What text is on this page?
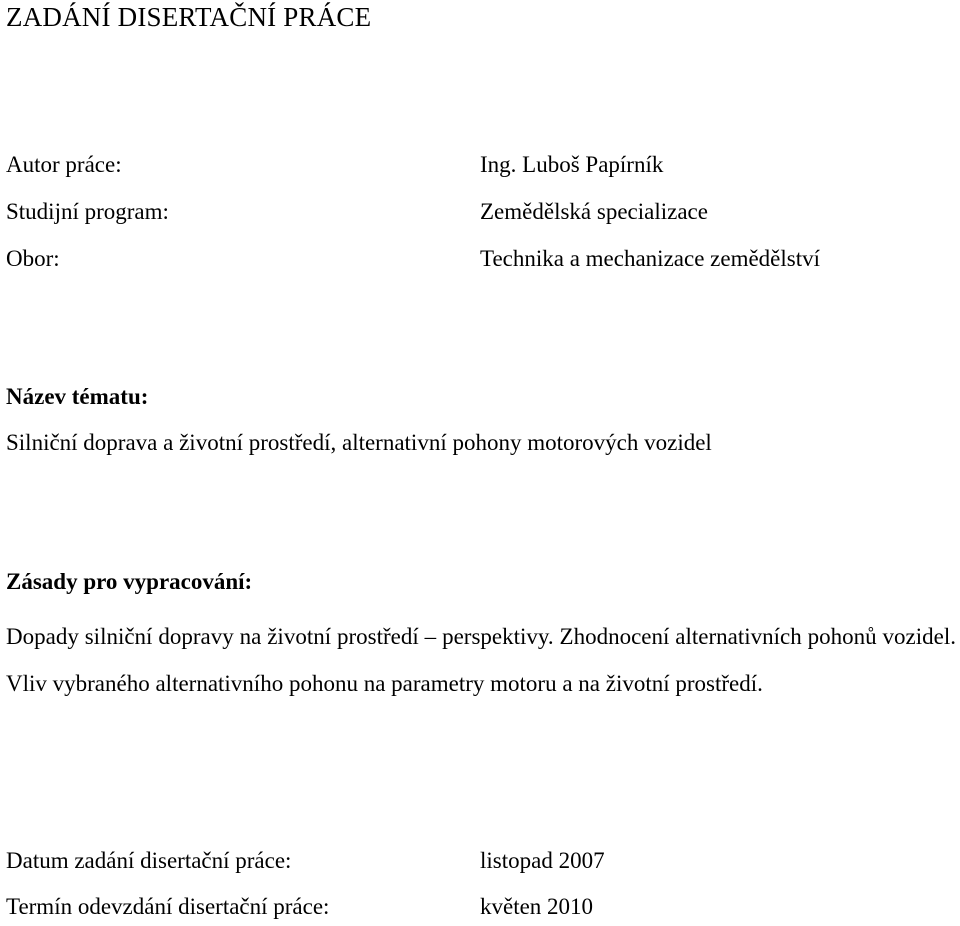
ZADÁNÍ DISERTAČNÍ PRÁCE
Autor práce:	Ing. Luboš Papírník
Studijní program:	Zemědělská specializace
Obor:	Technika a mechanizace zemědělství
Název tématu:
Silniční doprava a životní prostředí, alternativní pohony motorových vozidel
Zásady pro vypracování:
Dopady silniční dopravy na životní prostředí – perspektivy. Zhodnocení alternativních pohonů vozidel. Vliv vybraného alternativního pohonu na parametry motoru a na životní prostředí.
Datum zadání disertační práce:	listopad 2007
Termín odevzdání disertační práce:	květen 2010
